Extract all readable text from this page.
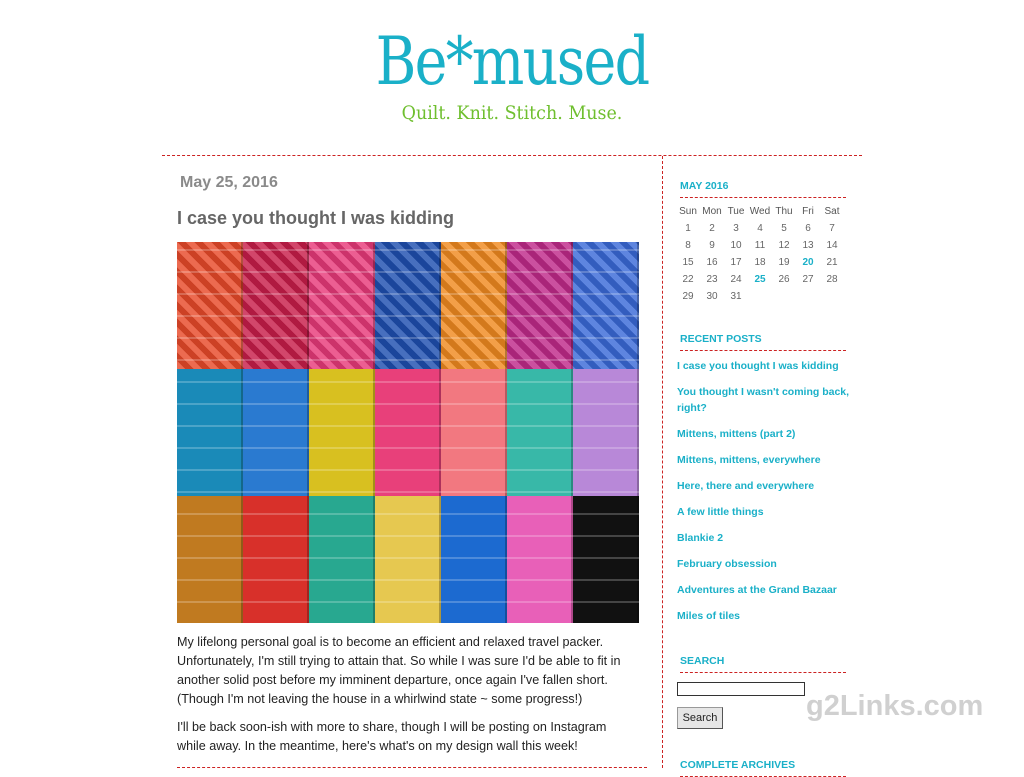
Be*mused
Quilt. Knit. Stitch. Muse.
May 25, 2016
I case you thought I was kidding

My lifelong personal goal is to become an efficient and relaxed travel packer. Unfortunately, I'm still trying to attain that. So while I was sure I'd be able to fit in another solid post before my imminent departure, once again I've fallen short. (Though I'm not leaving the house in a whirlwind state ~ some progress!)

I'll be back soon-ish with more to share, though I will be posting on Instagram while away. In the meantime, here's what's on my design wall this week!

MAY 2016
Sun	Mon	Tue	Wed	Thu	Fri	Sat
1	2	3	4	5	6	7
8	9	10	11	12	13	14
15	16	17	18	19	20	21
22	23	24	25	26	27	28
29	30	31				
RECENT POSTS
I case you thought I was kidding
You thought I wasn't coming back, right?
Mittens, mittens (part 2)
Mittens, mittens, everywhere
Here, there and everywhere
A few little things
Blankie 2
February obsession
Adventures at the Grand Bazaar
Miles of tiles
SEARCH
Search
COMPLETE ARCHIVES
g2Links.com
